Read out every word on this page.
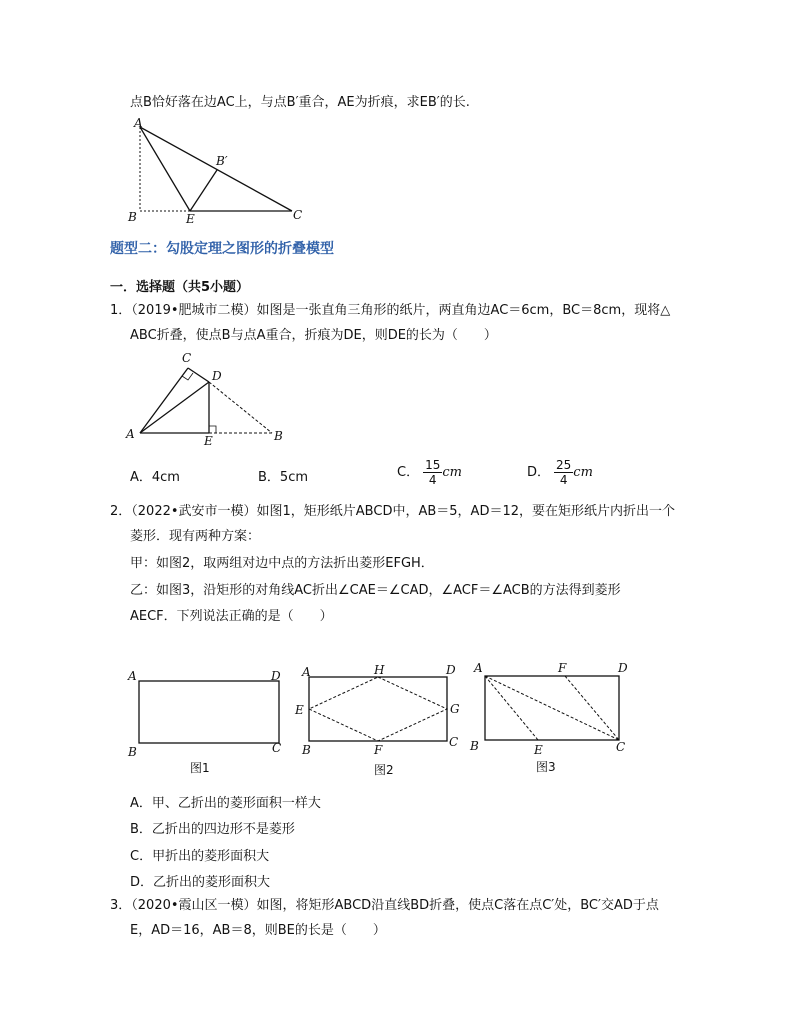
点B恰好落在边AC上，与点B′重合，AE为折痕，求EB′的长.
A
B	E	C
B′
题型二：勾股定理之图形的折叠模型
一．选择题（共5小题）
1．（2019•肥城市二模）如图是一张直角三角形的纸片，两直角边AC＝6cm，BC＝8cm，现将△
ABC折叠，使点B与点A重合，折痕为DE，则DE的长为（　　）
C
D
A	E	B
A．4cm	B．5cm	C． $\frac{15}{4}$ cm	D． $\frac{25}{4}$ cm
2．（2022•武安市一模）如图1，矩形纸片ABCD中，AB＝5，AD＝12，要在矩形纸片内折出一个
菱形．现有两种方案：
甲：如图2，取两组对边中点的方法折出菱形EFGH．
乙：如图3，沿矩形的对角线AC折出∠CAE＝∠CAD，∠ACF＝∠ACB的方法得到菱形
AECF．下列说法正确的是（　　）
A	D
B	C
图1
A	H	D
E	G
B	F
C
图2
A	F	D
B	E	C
图3
A．甲、乙折出的菱形面积一样大
B．乙折出的四边形不是菱形
C．甲折出的菱形面积大
D．乙折出的菱形面积大
3．（2020•霞山区一模）如图，将矩形ABCD沿直线BD折叠，使点C落在点C′处，BC′交AD于点
E，AD＝16，AB＝8，则BE的长是（　　）
